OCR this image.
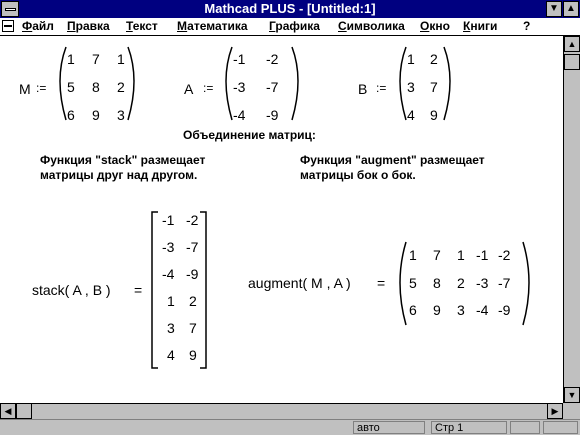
Mathcad PLUS - [Untitled:1]	▼ ▲
Файл Правка Текст Математика Графика Символика Окно Книги ?
M :=	A :=	B :=
1 7 1
5 8 2
6 9 3
-1 -2
-3 -7
-4 -9
1 2
3 7
4 9
Объединение матриц:
Функция "stack" размещает
матрицы друг над другом.
Функция "augment" размещает
матрицы бок о бок.
stack( A , B ) =
-1 -2
-3 -7
-4 -9
1 2
3 7
4 9
augment( M , A ) =
1 7 1 -1 -2
5 8 2 -3 -7
6 9 3 -4 -9
▲
▼
◀	▶
авто	Стр 1
